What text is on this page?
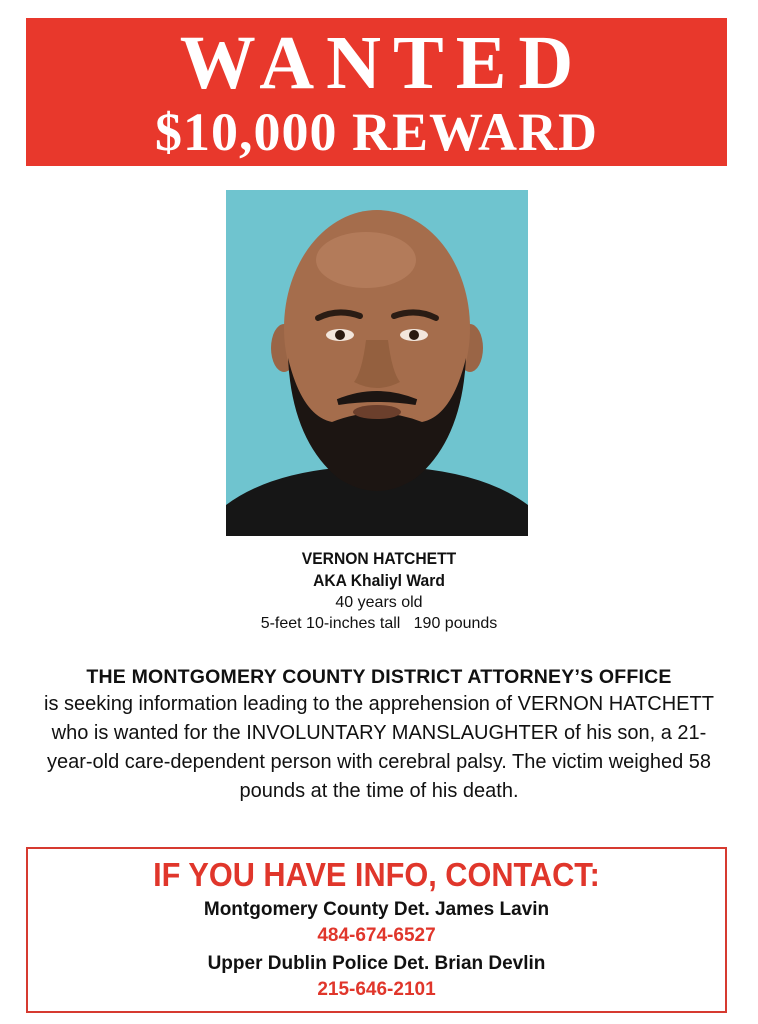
WANTED
$10,000 REWARD
VERNON HATCHETT
AKA Khaliyl Ward
40 years old
5-feet 10-inches tall   190 pounds
THE MONTGOMERY COUNTY DISTRICT ATTORNEY’S OFFICE
is seeking information leading to the apprehension of VERNON HATCHETT who is wanted for the INVOLUNTARY MANSLAUGHTER of his son, a 21-year-old care-dependent person with cerebral palsy. The victim weighed 58 pounds at the time of his death.
IF YOU HAVE INFO, CONTACT:
Montgomery County Det. James Lavin
484-674-6527
Upper Dublin Police Det. Brian Devlin
215-646-2101
